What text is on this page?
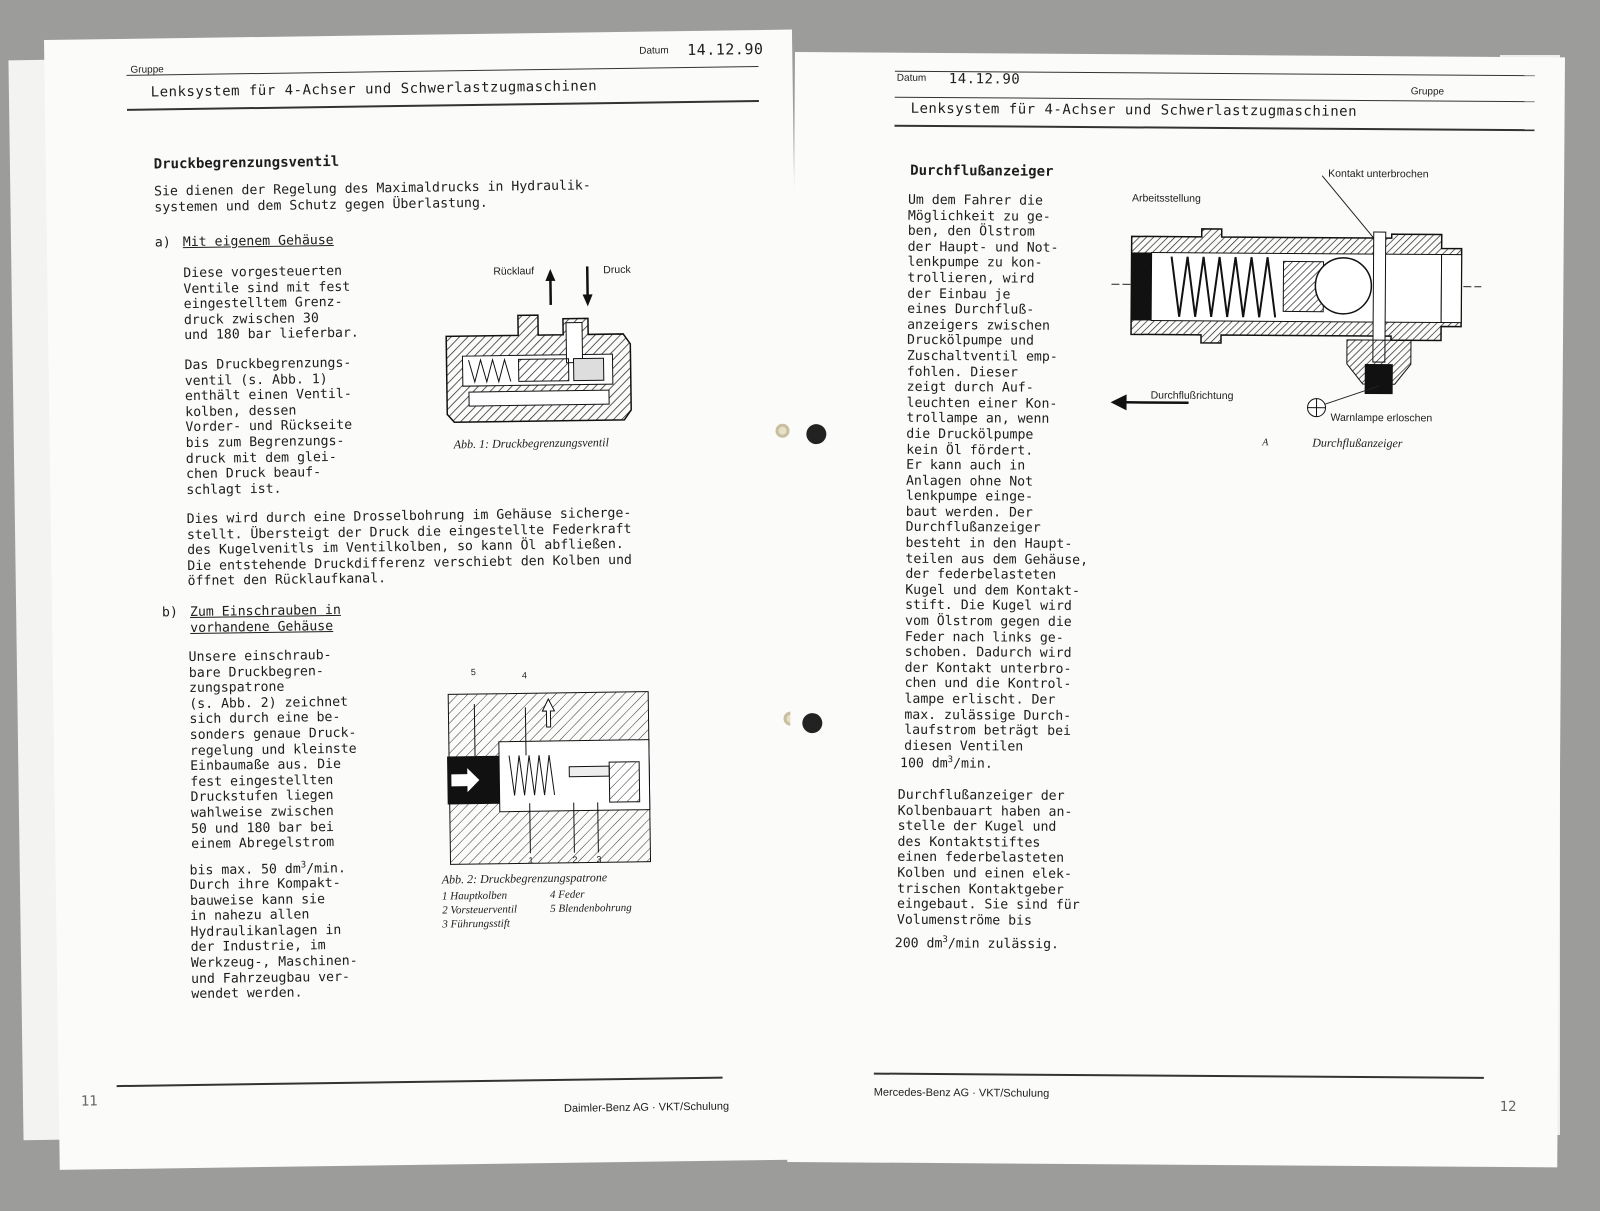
Gruppe
Datum 14.12.90
Lenksystem für 4-Achser und Schwerlastzugmaschinen
Druckbegrenzungsventil
Sie dienen der Regelung des Maximaldrucks in Hydraulik-
systemen und dem Schutz gegen Überlastung.
a) Mit eigenem Gehäuse
Diese vorgesteuerten
Ventile sind mit fest
eingestelltem Grenz-
druck zwischen 30
und 180 bar lieferbar.
Das Druckbegrenzungs-
ventil (s. Abb. 1)
enthält einen Ventil-
kolben, dessen
Vorder- und Rückseite
bis zum Begrenzungs-
druck mit dem glei-
chen Druck beauf-
schlagt ist.
Dies wird durch eine Drosselbohrung im Gehäuse sicherge-
stellt. Übersteigt der Druck die eingestellte Federkraft
des Kugelvenitls im Ventilkolben, so kann Öl abfließen.
Die entstehende Druckdifferenz verschiebt den Kolben und
öffnet den Rücklaufkanal.
Rücklauf	Druck
Abb. 1: Druckbegrenzungsventil
b) Zum Einschrauben in
vorhandene Gehäuse
Unsere einschraub-
bare Druckbegren-
zungspatrone
(s. Abb. 2) zeichnet
sich durch eine be-
sonders genaue Druck-
regelung und kleinste
Einbaumaße aus. Die
fest eingestellten
Druckstufen liegen
wahlweise zwischen
50 und 180 bar bei
einem Abregelstrom
bis max. 50 $dm^3/\min$.
Durch ihre Kompakt-
bauweise kann sie
in nahezu allen
Hydraulikanlagen in
der Industrie, im
Werkzeug-, Maschinen-
und Fahrzeugbau ver-
wendet werden.
5	4
1	2 3
Abb. 2: Druckbegrenzungspatrone
1 Hauptkolben	4 Feder
2 Vorsteuerventil	5 Blendenbohrung
3 Führungsstift
11	Daimler-Benz AG · VKT/Schulung
Datum 14.12.90
Gruppe
Lenksystem für 4-Achser und Schwerlastzugmaschinen
Durchflußanzeiger
Um dem Fahrer die
Möglichkeit zu ge-
ben, den Ölstrom
der Haupt- und Not-
lenkpumpe zu kon-
trollieren, wird
der Einbau je
eines Durchfluß-
anzeigers zwischen
Druckölpumpe und
Zuschaltventil emp-
fohlen. Dieser
zeigt durch Auf-
leuchten einer Kon-
trollampe an, wenn
die Druckölpumpe
kein Öl fördert.
Er kann auch in
Anlagen ohne Not
lenkpumpe einge-
baut werden. Der
Durchflußanzeiger
besteht in den Haupt-
teilen aus dem Gehäuse,
der federbelasteten
Kugel und dem Kontakt-
stift. Die Kugel wird
vom Ölstrom gegen die
Feder nach links ge-
schoben. Dadurch wird
der Kontakt unterbro-
chen und die Kontrol-
lampe erlischt. Der
max. zulässige Durch-
laufstrom beträgt bei
diesen Ventilen
100 $dm^3/\min$.
Durchflußanzeiger der
Kolbenbauart haben an-
stelle der Kugel und
des Kontaktstiftes
einen federbelasteten
Kolben und einen elek-
trischen Kontaktgeber
eingebaut. Sie sind für
Volumenströme bis
200 $dm^3/\min$ zulässig.
Kontakt unterbrochen
Arbeitsstellung
Durchflußrichtung
Warnlampe erloschen
A	Durchflußanzeiger
Mercedes-Benz AG · VKT/Schulung
12
